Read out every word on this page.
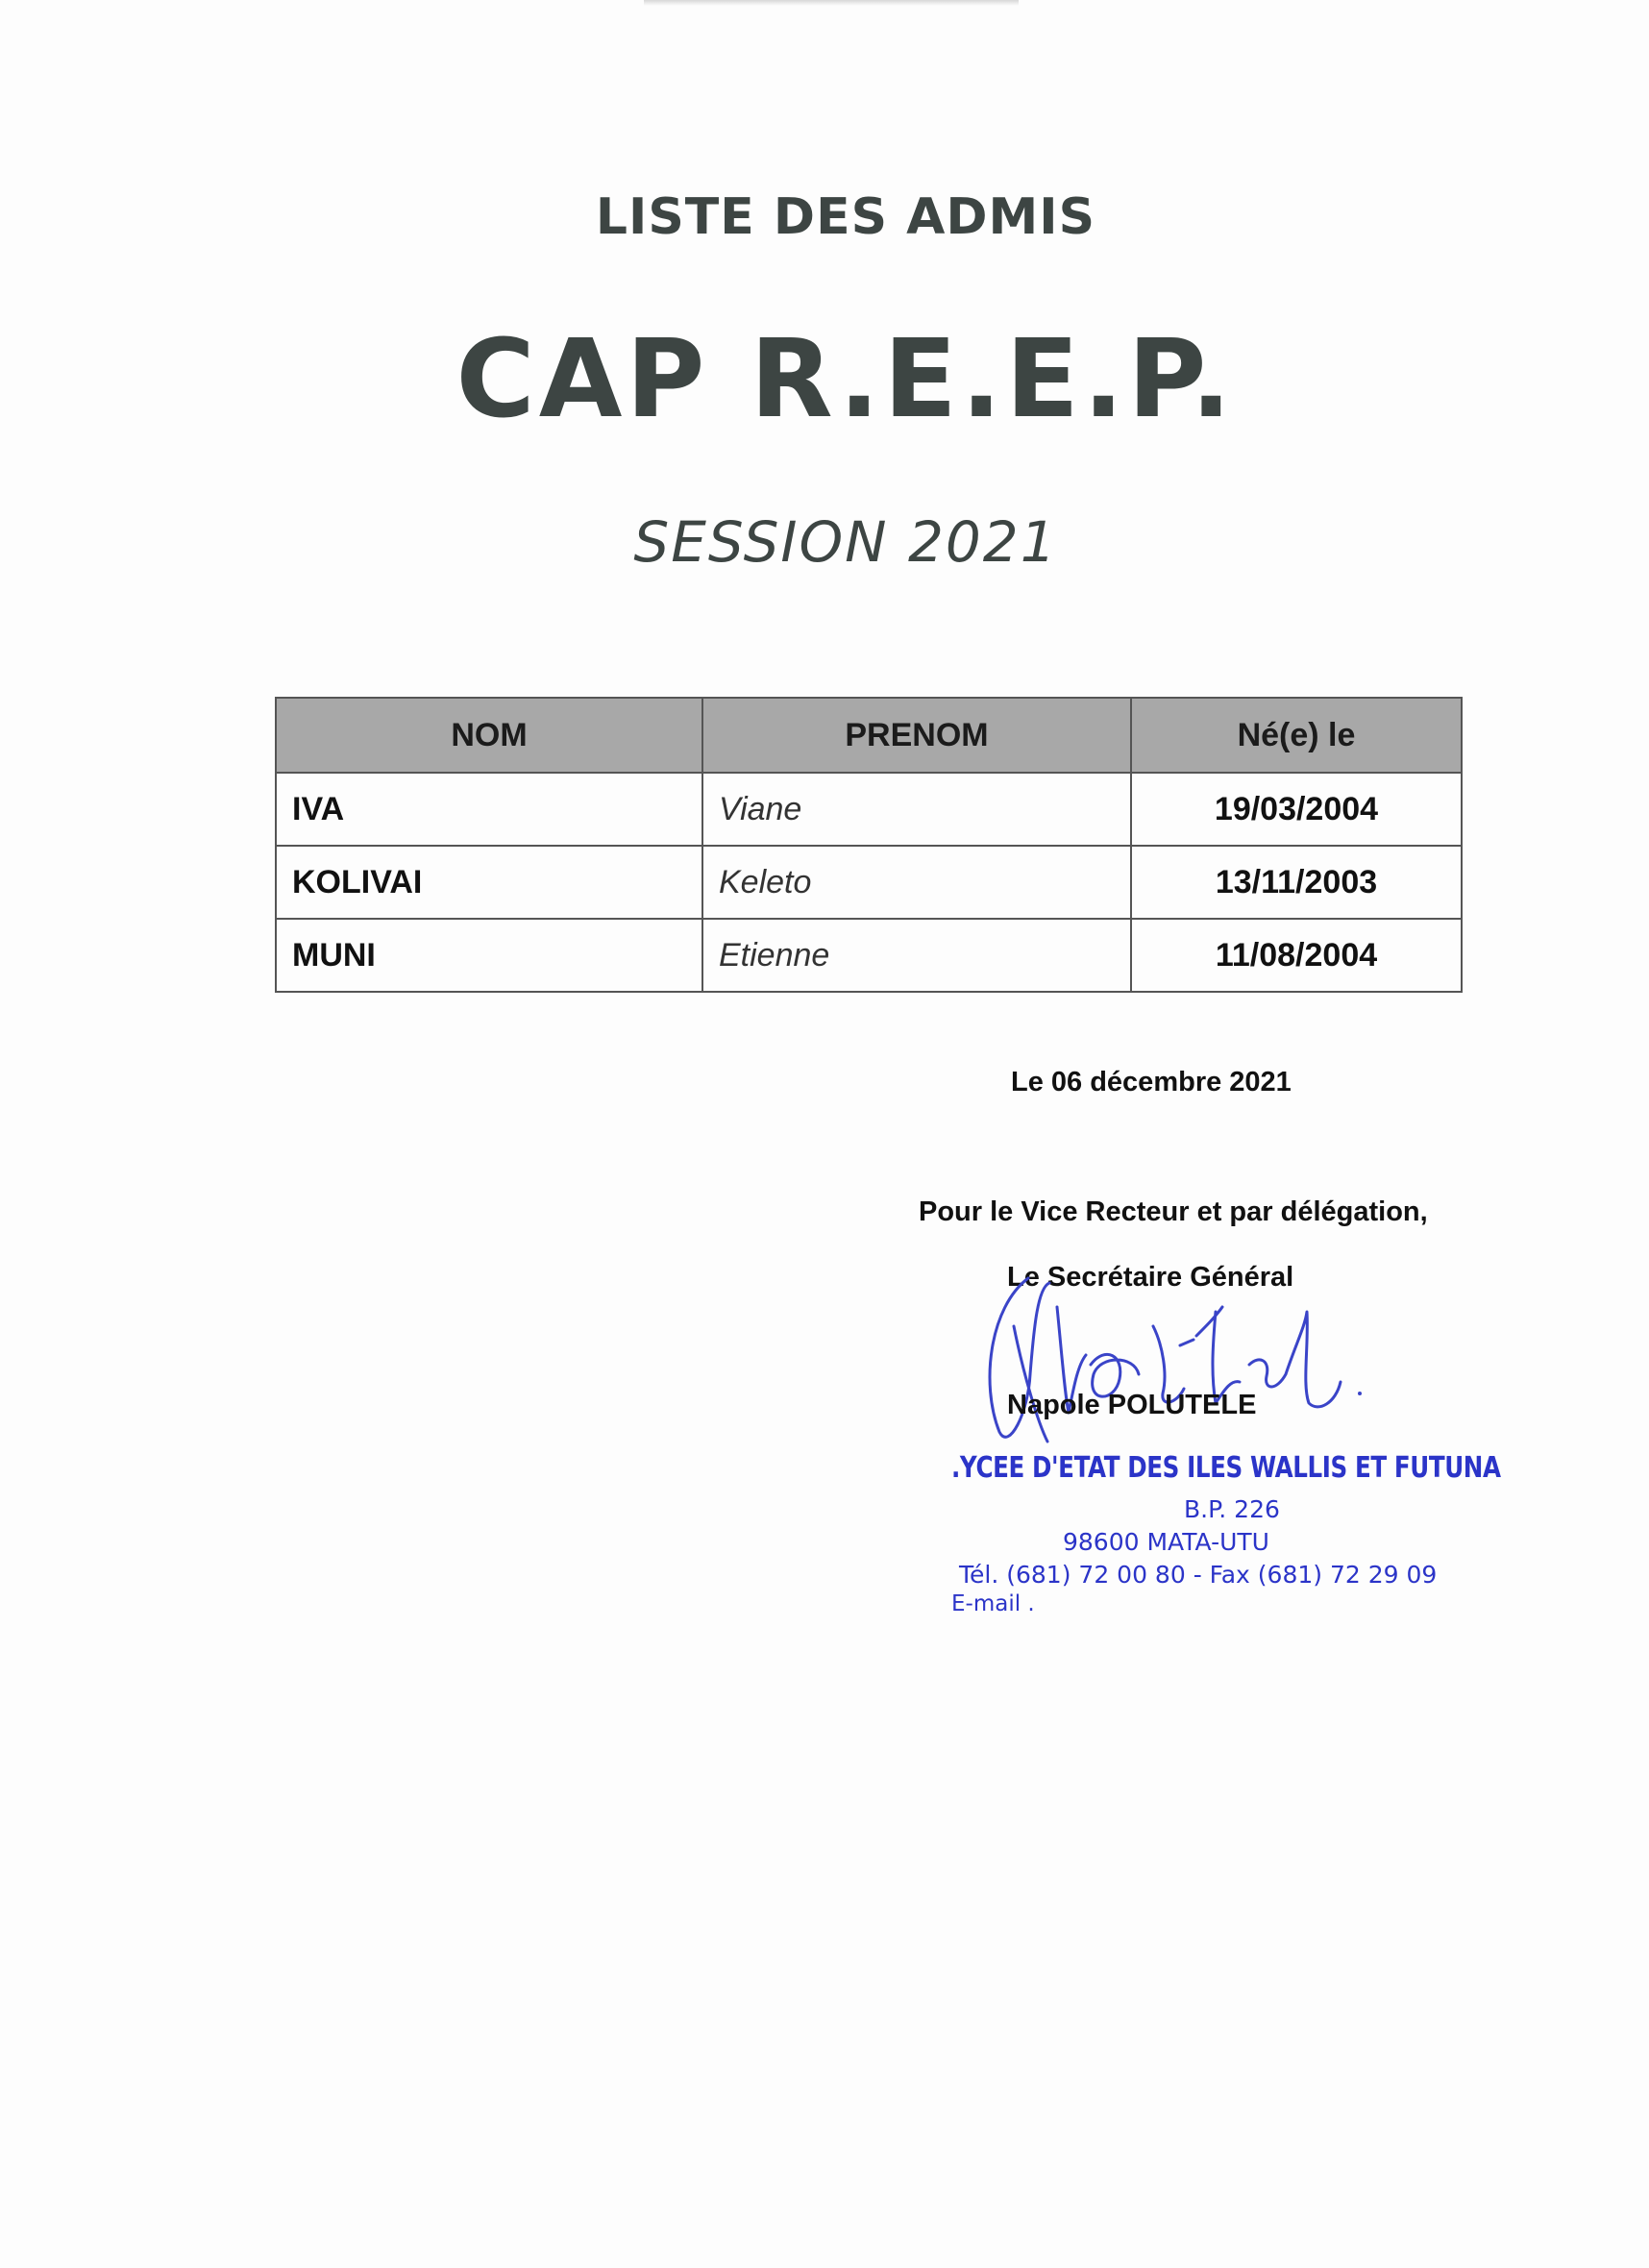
LISTE DES ADMIS
CAP R.E.E.P.
SESSION 2021
NOM	PRENOM	Né(e) le
IVA	Viane	19/03/2004
KOLIVAI	Keleto	13/11/2003
MUNI	Etienne	11/08/2004
Le 06 décembre 2021
Pour le Vice Recteur et par délégation,
Le Secrétaire Général
Napole POLUTELE
.YCEE D'ETAT DES ILES WALLIS ET FUTUNA
B.P. 226
98600 MATA-UTU
Tél. (681) 72 00 80 - Fax (681) 72 29 09
E-mail .
